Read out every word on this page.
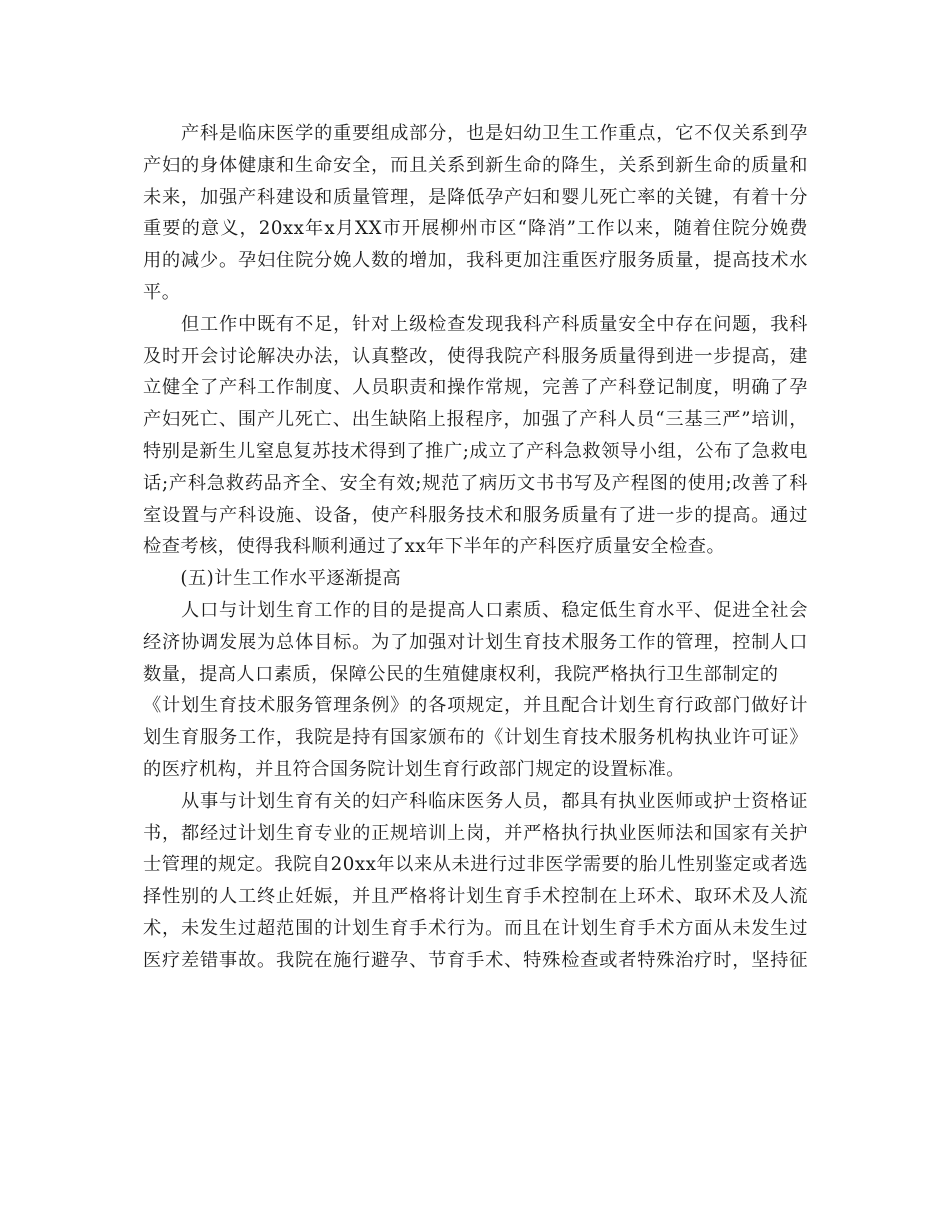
　　产科是临床医学的重要组成部分，也是妇幼卫生工作重点，它不仅关系到孕
产妇的身体健康和生命安全，而且关系到新生命的降生，关系到新生命的质量和
未来，加强产科建设和质量管理，是降低孕产妇和婴儿死亡率的关键，有着十分
重要的意义，20xx年x月XX市开展柳州市区“降消”工作以来，随着住院分娩费
用的减少。孕妇住院分娩人数的增加，我科更加注重医疗服务质量，提高技术水
平。
　　但工作中既有不足，针对上级检查发现我科产科质量安全中存在问题，我科
及时开会讨论解决办法，认真整改，使得我院产科服务质量得到进一步提高，建
立健全了产科工作制度、人员职责和操作常规，完善了产科登记制度，明确了孕
产妇死亡、围产儿死亡、出生缺陷上报程序，加强了产科人员“三基三严”培训，
特别是新生儿窒息复苏技术得到了推广;成立了产科急救领导小组，公布了急救电
话;产科急救药品齐全、安全有效;规范了病历文书书写及产程图的使用;改善了科
室设置与产科设施、设备，使产科服务技术和服务质量有了进一步的提高。通过
检查考核，使得我科顺利通过了xx年下半年的产科医疗质量安全检查。
　　(五)计生工作水平逐渐提高
　　人口与计划生育工作的目的是提高人口素质、稳定低生育水平、促进全社会
经济协调发展为总体目标。为了加强对计划生育技术服务工作的管理，控制人口
数量，提高人口素质，保障公民的生殖健康权利，我院严格执行卫生部制定的
《计划生育技术服务管理条例》的各项规定，并且配合计划生育行政部门做好计
划生育服务工作，我院是持有国家颁布的《计划生育技术服务机构执业许可证》
的医疗机构，并且符合国务院计划生育行政部门规定的设置标准。
　　从事与计划生育有关的妇产科临床医务人员，都具有执业医师或护士资格证
书，都经过计划生育专业的正规培训上岗，并严格执行执业医师法和国家有关护
士管理的规定。我院自20xx年以来从未进行过非医学需要的胎儿性别鉴定或者选
择性别的人工终止妊娠，并且严格将计划生育手术控制在上环术、取环术及人流
术，未发生过超范围的计划生育手术行为。而且在计划生育手术方面从未发生过
医疗差错事故。我院在施行避孕、节育手术、特殊检查或者特殊治疗时，坚持征
